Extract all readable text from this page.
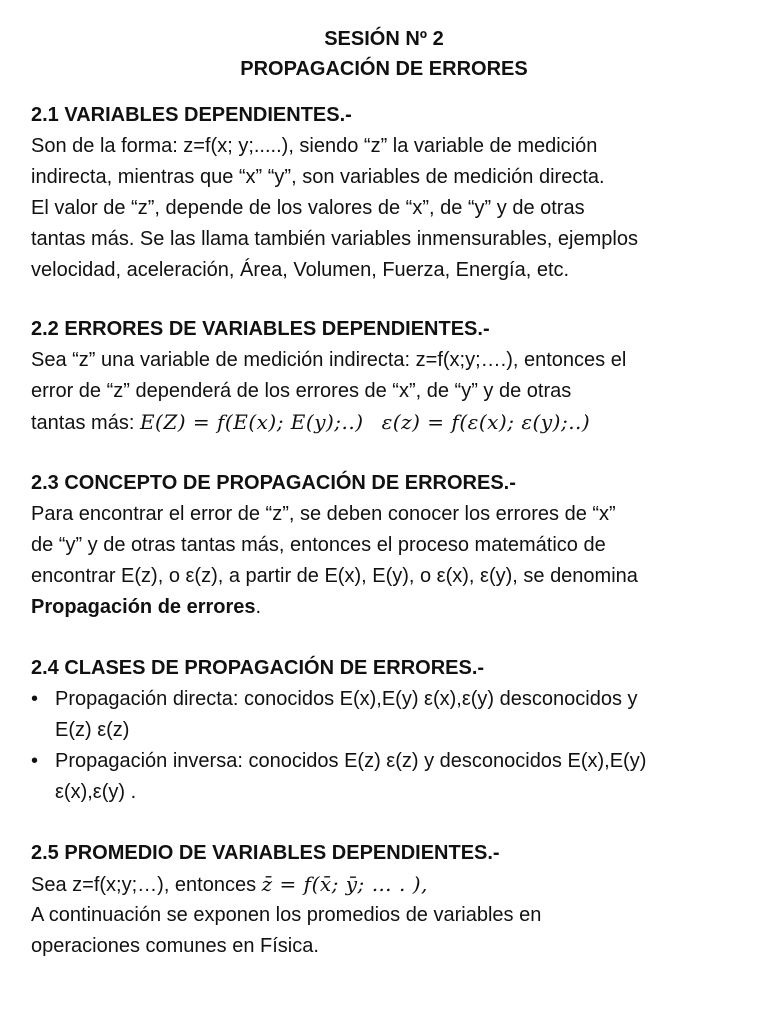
SESIÓN Nº 2
PROPAGACIÓN DE ERRORES
2.1 VARIABLES DEPENDIENTES.-
Son de la forma: z=f(x; y;.....), siendo “z” la variable de medición
indirecta, mientras que “x” “y”, son variables de medición directa.
El valor de “z”, depende de los valores de “x”, de “y” y de otras
tantas más. Se las llama también variables inmensurables, ejemplos
velocidad, aceleración, Área, Volumen, Fuerza, Energía, etc.
2.2 ERRORES DE VARIABLES DEPENDIENTES.-
Sea “z” una variable de medición indirecta: z=f(x;y;….), entonces el
error de “z” dependerá de los errores de “x”, de “y” y de otras
tantas más: E(Z) = f(E(x); E(y);..) ε(z) = f(ε(x); ε(y);..)
2.3 CONCEPTO DE PROPAGACIÓN DE ERRORES.-
Para encontrar el error de “z”, se deben conocer los errores de “x”
de “y” y de otras tantas más, entonces el proceso matemático de
encontrar E(z), o ε(z), a partir de E(x), E(y), o ε(x), ε(y), se denomina
Propagación de errores.
2.4 CLASES DE PROPAGACIÓN DE ERRORES.-
• Propagación directa: conocidos E(x),E(y) ε(x),ε(y) desconocidos y
E(z) ε(z)
• Propagación inversa: conocidos E(z) ε(z) y desconocidos E(x),E(y)
ε(x),ε(y) .
2.5 PROMEDIO DE VARIABLES DEPENDIENTES.-
Sea z=f(x;y;…), entonces z̄ = f(x̄; ȳ; … . ),
A continuación se exponen los promedios de variables en
operaciones comunes en Física.
